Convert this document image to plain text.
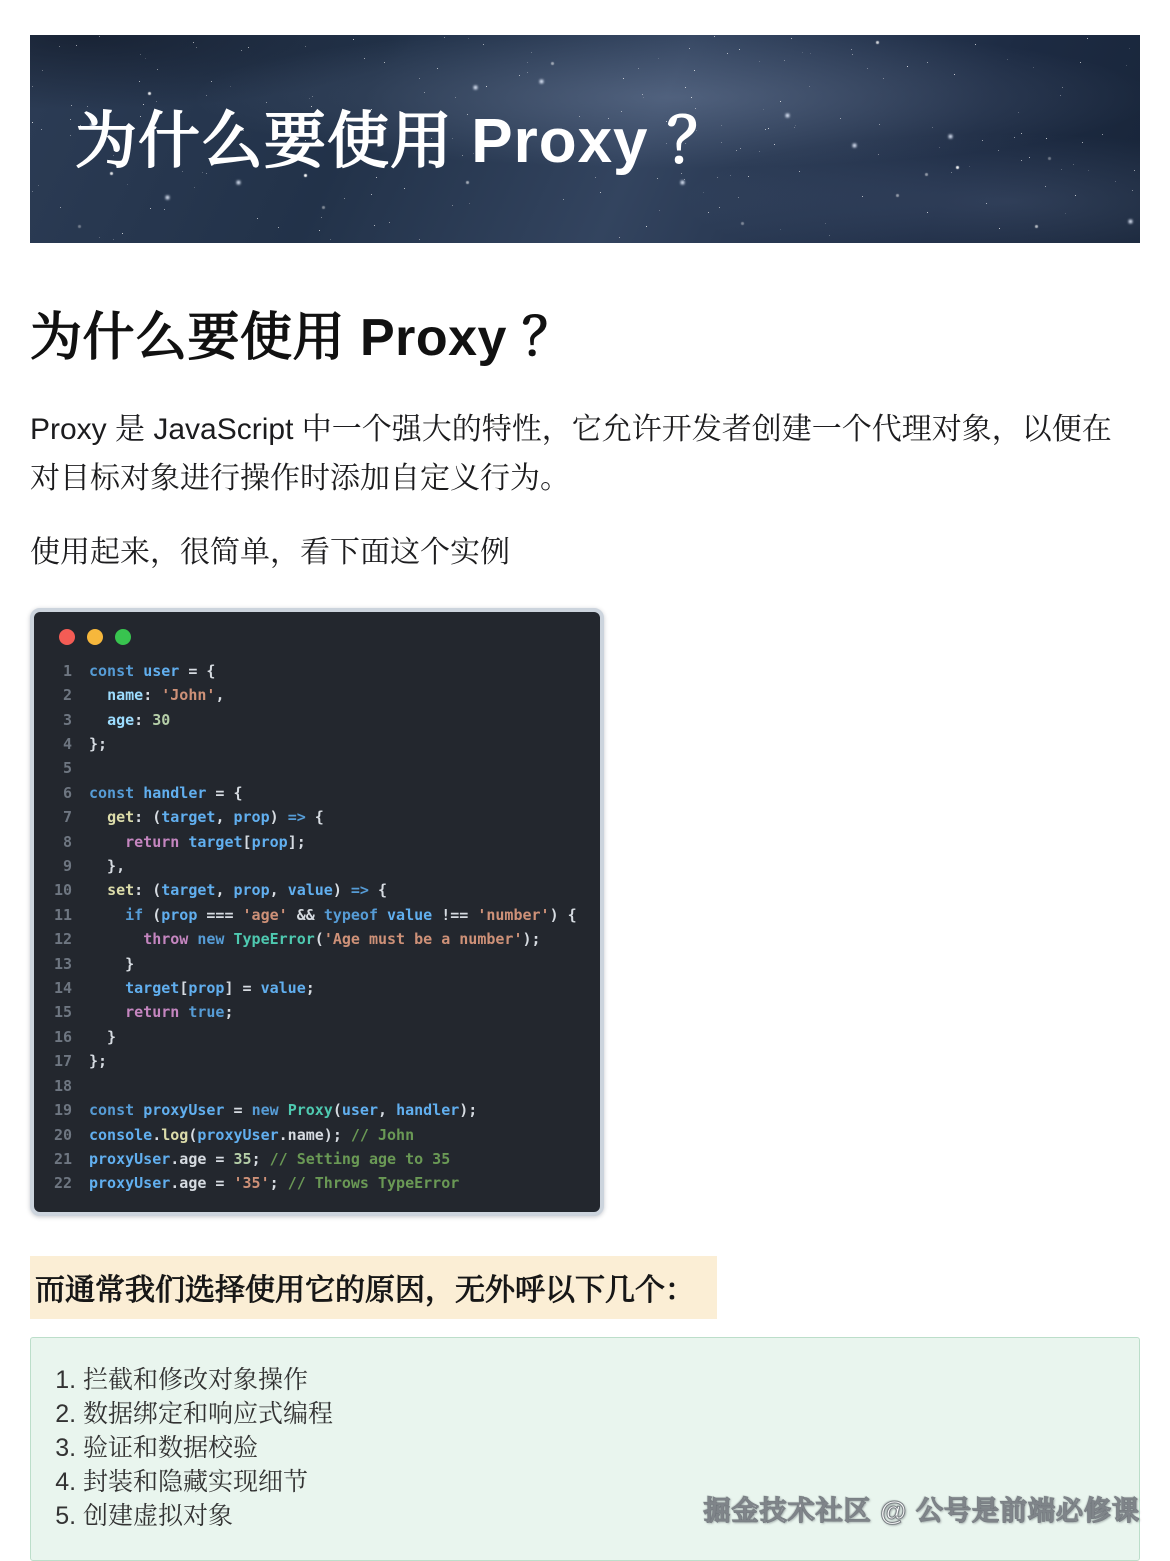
为什么要使用 Proxy ？
为什么要使用 Proxy ？

Proxy 是 JavaScript 中一个强大的特性，它允许开发者创建一个代理对象，以便在对目标对象进行操作时添加自定义行为。

使用起来，很简单，看下面这个实例

1 const user = {
2	name: 'John',
3	age: 30
4 };
5

6 const handler = {
7	get: (target, prop) => {
8	return target[prop];
9 },
10	set: (target, prop, value) => {
11	if (prop === 'age' && typeof value !== 'number') {
12	throw new TypeError('Age must be a number');
13 }
14	target[prop] = value;
15	return true;
16 }
17 };
18

19 const proxyUser = new Proxy(user, handler);
20 console.log(proxyUser.name); // John
21 proxyUser.age = 35; // Setting age to 35
22 proxyUser.age = '35'; // Throws TypeError
而通常我们选择使用它的原因，无外呼以下几个：
1. 拦截和修改对象操作
2. 数据绑定和响应式编程
3. 验证和数据校验
4. 封装和隐藏实现细节
5. 创建虚拟对象	掘金技术社区 @ 公号是前端必修课
